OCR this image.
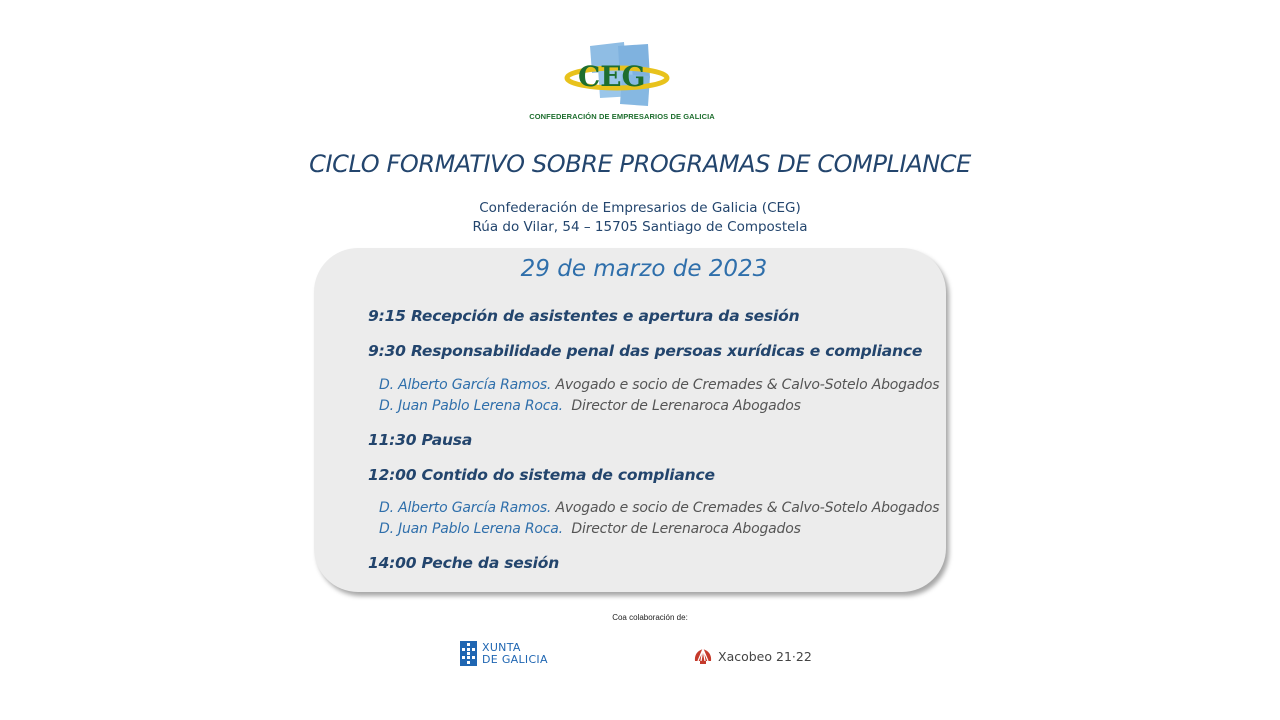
CEG
CONFEDERACIÓN DE EMPRESARIOS DE GALICIA
CICLO FORMATIVO SOBRE PROGRAMAS DE COMPLIANCE
Confederación de Empresarios de Galicia (CEG)
Rúa do Vilar, 54 – 15705 Santiago de Compostela
29 de marzo de 2023
9:15 Recepción de asistentes e apertura da sesión
9:30 Responsabilidade penal das persoas xurídicas e compliance
D. Alberto García Ramos. Avogado e socio de Cremades & Calvo-Sotelo Abogados
D. Juan Pablo Lerena Roca. Director de Lerenaroca Abogados
11:30 Pausa
12:00 Contido do sistema de compliance
D. Alberto García Ramos. Avogado e socio de Cremades & Calvo-Sotelo Abogados
D. Juan Pablo Lerena Roca. Director de Lerenaroca Abogados
14:00 Peche da sesión
Coa colaboración de:
XUNTA
DE GALICIA	Xacobeo 21·22
